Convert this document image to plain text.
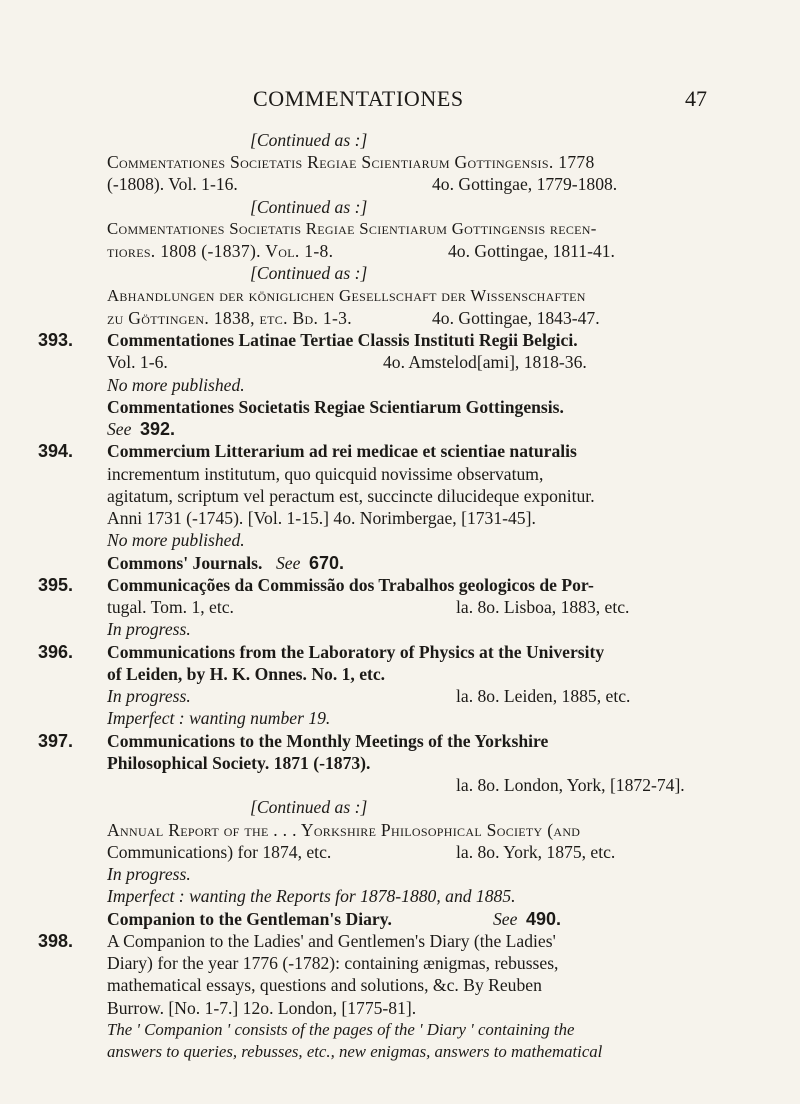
COMMENTATIONES	47
[Continued as :]
Commentationes Societatis Regiae Scientiarum Gottingensis. 1778
(-1808). Vol. 1-16.	4o. Gottingae, 1779-1808.
[Continued as :]
Commentationes Societatis Regiae Scientiarum Gottingensis recen-
tiores. 1808 (-1837). Vol. 1-8.	4o. Gottingae, 1811-41.
[Continued as :]
Abhandlungen der königlichen Gesellschaft der Wissenschaften
zu Göttingen. 1838, etc. Bd. 1-3.	4o. Gottingae, 1843-47.
393. Commentationes Latinae Tertiae Classis Instituti Regii Belgici.
Vol. 1-6.	4o. Amstelod[ami], 1818-36.
No more published.
Commentationes Societatis Regiae Scientiarum Gottingensis.
See 392.
394. Commercium Litterarium ad rei medicae et scientiae naturalis
incrementum institutum, quo quicquid novissime observatum,
agitatum, scriptum vel peractum est, succincte dilucideque exponitur.
Anni 1731 (-1745). [Vol. 1-15.] 4o. Norimbergae, [1731-45].
No more published.
Commons' Journals. See 670.
395. Communicações da Commissão dos Trabalhos geologicos de Por-
tugal. Tom. 1, etc.	la. 8o. Lisboa, 1883, etc.
In progress.
396. Communications from the Laboratory of Physics at the University
of Leiden, by H. K. Onnes. No. 1, etc.
In progress.	la. 8o. Leiden, 1885, etc.
Imperfect : wanting number 19.
397. Communications to the Monthly Meetings of the Yorkshire
Philosophical Society. 1871 (-1873).
la. 8o. London, York, [1872-74].
[Continued as :]
Annual Report of the . . . Yorkshire Philosophical Society (and
Communications) for 1874, etc.	la. 8o. York, 1875, etc.
In progress.
Imperfect : wanting the Reports for 1878-1880, and 1885.
Companion to the Gentleman's Diary.	See 490.
398. A Companion to the Ladies' and Gentlemen's Diary (the Ladies'
Diary) for the year 1776 (-1782): containing ænigmas, rebusses,
mathematical essays, questions and solutions, &c. By Reuben
Burrow. [No. 1-7.] 12o. London, [1775-81].
The ' Companion ' consists of the pages of the ' Diary ' containing the
answers to queries, rebusses, etc., new enigmas, answers to mathematical
